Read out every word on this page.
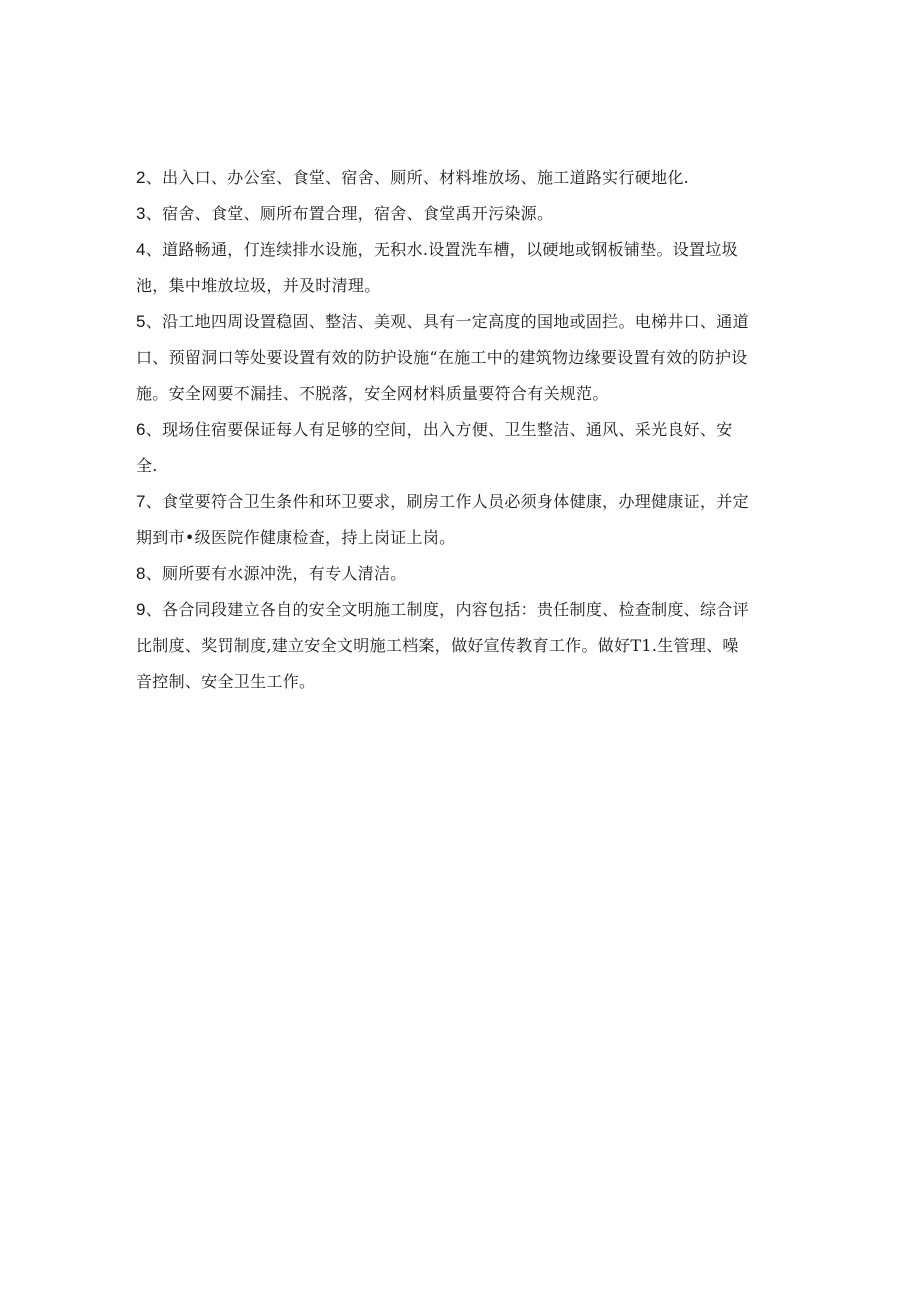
2、出入口、办公室、食堂、宿舍、厕所、材料堆放场、施工道路实行硬地化.
3、宿舍、食堂、厕所布置合理，宿舍、食堂禹开污染源。
4、道路畅通，仃连续排水设施，无积水.设置洗车槽，以硬地或钢板铺垫。设置垃圾
池，集中堆放垃圾，并及时清理。
5、沿工地四周设置稳固、整洁、美观、具有一定高度的国地或固拦。电梯井口、通道
口、预留洞口等处要设置有效的防护设施“在施工中的建筑物边缘要设置有效的防护设
施。安全网要不漏挂、不脱落，安全网材料质量要符合有关规范。
6、现场住宿要保证每人有足够的空间，出入方便、卫生整洁、通风、采光良好、安
全.
7、食堂要符合卫生条件和环卫要求，刷房工作人员必须身体健康，办理健康证，并定
期到市•级医院作健康检查，持上岗证上岗。
8、厕所要有水源冲洗，有专人清洁。
9、各合同段建立各自的安全文明施工制度，内容包括：贵任制度、检查制度、综合评
比制度、奖罚制度,建立安全文明施工档案，做好宣传教育工作。做好T1.生管理、噪
音控制、安全卫生工作。
